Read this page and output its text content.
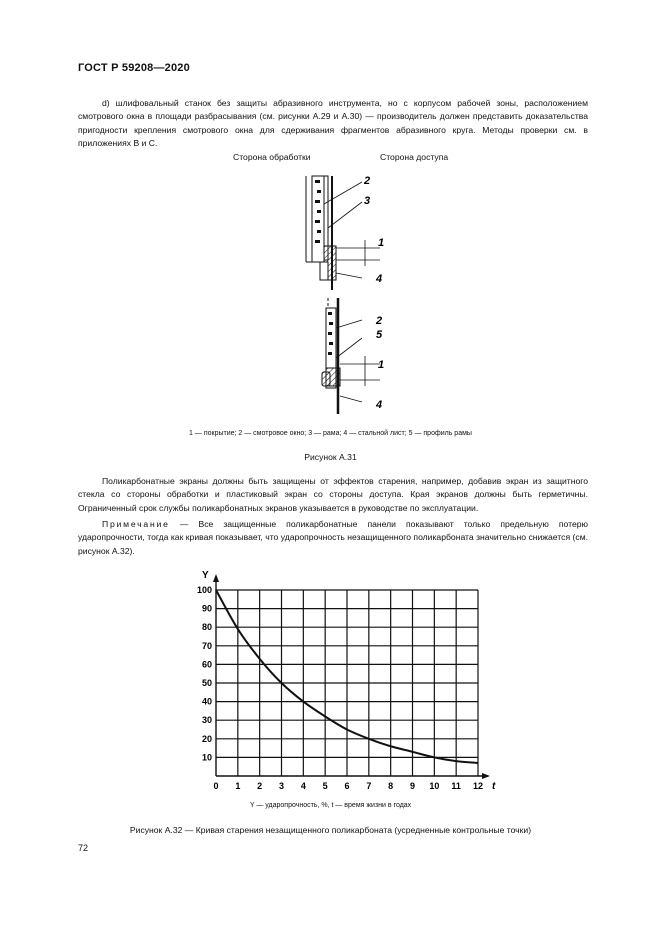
ГОСТ Р 59208—2020
d) шлифовальный станок без защиты абразивного инструмента, но с корпусом рабочей зоны, расположением смотрового окна в площади разбрасывания (см. рисунки А.29 и А.30) — производитель должен представить доказательства пригодности крепления смотрового окна для сдерживания фрагментов абразивного круга. Методы проверки см. в приложениях В и С.
Сторона обработки	Сторона доступа
2
3
1
4
2
5
1
4
1 — покрытие; 2 — смотровое окно; 3 — рама; 4 — стальной лист; 5 — профиль рамы
Рисунок А.31
Поликарбонатные экраны должны быть защищены от эффектов старения, например, добавив экран из защитного стекла со стороны обработки и пластиковый экран со стороны доступа. Края экранов должны быть герметичны. Ограниченный срок службы поликарбонатных экранов указывается в руководстве по эксплуатации.
Примечание — Все защищенные поликарбонатные панели показывают только предельную потерю ударопрочности, тогда как кривая показывает, что ударопрочность незащищенного поликарбоната значительно снижается (см. рисунок А.32).
0 1 2 3 4 5 6 7 8 9 10 11 12
10
20
30
40
50
60
70
80
90
100
Y
t
Y — ударопрочность, %, t — время жизни в годах
Рисунок А.32 — Кривая старения незащищенного поликарбоната (усредненные контрольные точки)
72
